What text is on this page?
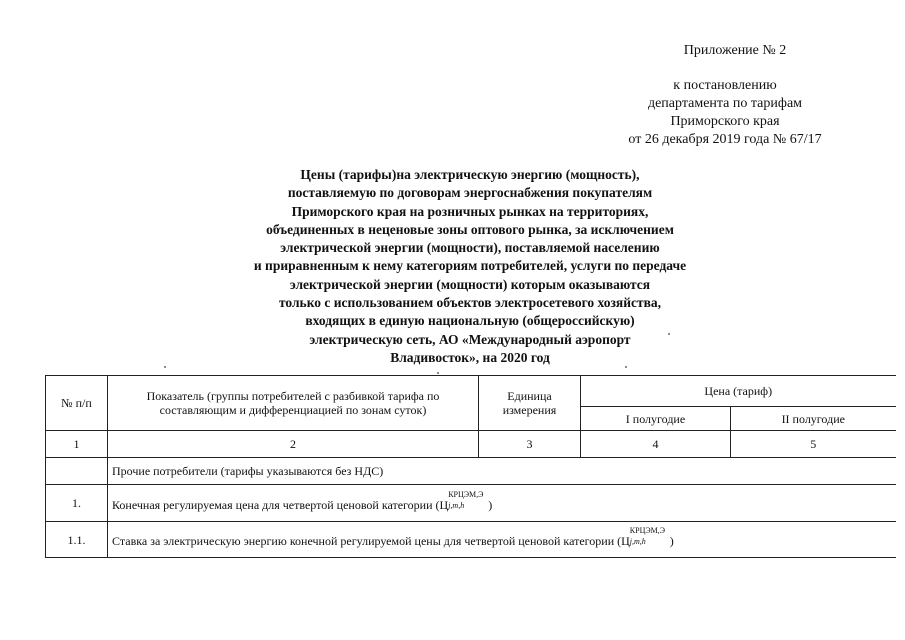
Приложение № 2
к постановлению
департамента по тарифам
Приморского края
от 26 декабря 2019 года № 67/17
Цены (тарифы)на электрическую энергию (мощность),
поставляемую по договорам энергоснабжения покупателям
Приморского края на розничных рынках на территориях,
объединенных в неценовые зоны оптового рынка, за исключением
электрической энергии (мощности), поставляемой населению
и приравненным к нему категориям потребителей, услуги по передаче
электрической энергии (мощности) которым оказываются
только с использованием объектов электросетевого хозяйства,
входящих в единую национальную (общероссийскую)
электрическую сеть, АО «Международный аэропорт
Владивосток», на 2020 год
№ п/п	Показатель (группы потребителей с разбивкой тарифа по составляющим и дифференциацией по зонам суток)	Единица измерения	Цена (тариф)	
			I полугодие	II полугодие
1	2	3	4	5
	Прочие потребители (тарифы указываются без НДС)			
1.	Конечная регулируемая цена для четвертой ценовой категории (Ц
КРЦЭМ,Э
j,m,h )			
1.1.	Ставка за электрическую энергию конечной регулируемой цены для четвертой ценовой категории (Ц
КРЦЭМ,Э
j,m,h )			
